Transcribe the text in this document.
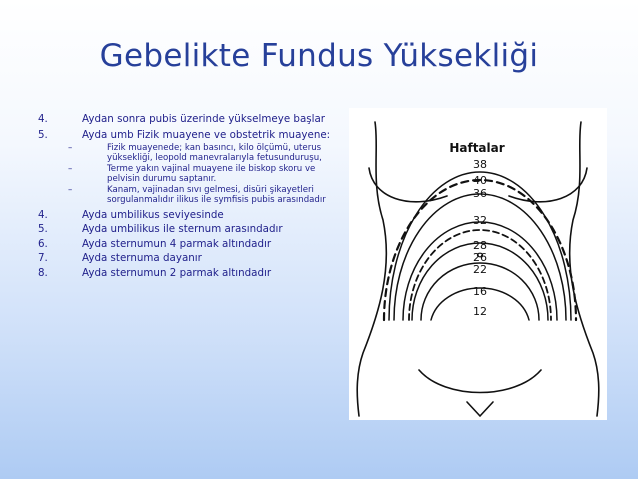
Gebelikte Fundus Yüksekliği
4.	Aydan sonra pubis üzerinde yükselmeye başlar
5.	Ayda umb Fizik muayene ve obstetrik muayene:
–	Fizik muayenede; kan basıncı, kilo ölçümü, uterus yüksekliği, leopold manevralarıyla fetusunduruşu,
–	Terme yakın vajinal muayene ile biskop skoru ve pelvisin durumu saptanır.
–	Kanam, vajinadan sıvı gelmesi, disüri şikayetleri sorgulanmalıdır ilikus ile symfisis pubis arasındadır
4.	Ayda umbilikus seviyesinde
5.	Ayda umbilikus ile sternum arasındadır
6.	Ayda sternumun 4 parmak altındadır
7.	Ayda sternuma dayanır
8.	Ayda sternumun 2 parmak altındadır
Haftalar
38
40
36
32
28
26
22
16
12
